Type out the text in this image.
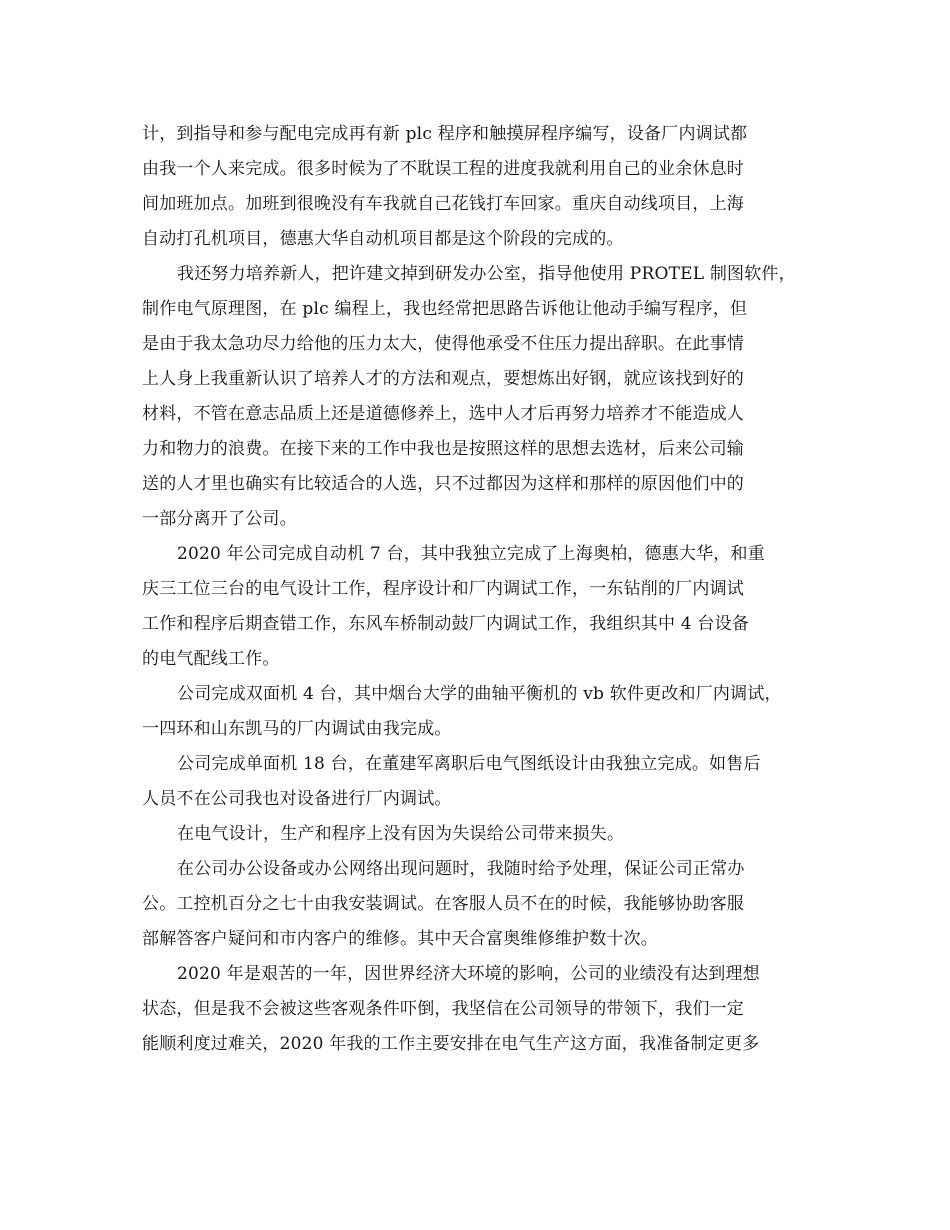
计，到指导和参与配电完成再有新 plc 程序和触摸屏程序编写，设备厂内调试都
由我一个人来完成。很多时候为了不耽误工程的进度我就利用自己的业余休息时
间加班加点。加班到很晚没有车我就自己花钱打车回家。重庆自动线项目，上海
自动打孔机项目，德惠大华自动机项目都是这个阶段的完成的。
我还努力培养新人，把许建文掉到研发办公室，指导他使用 PROTEL 制图软件，
制作电气原理图，在 plc 编程上，我也经常把思路告诉他让他动手编写程序，但
是由于我太急功尽力给他的压力太大，使得他承受不住压力提出辞职。在此事情
上人身上我重新认识了培养人才的方法和观点，要想炼出好钢，就应该找到好的
材料，不管在意志品质上还是道德修养上，选中人才后再努力培养才不能造成人
力和物力的浪费。在接下来的工作中我也是按照这样的思想去选材，后来公司输
送的人才里也确实有比较适合的人选，只不过都因为这样和那样的原因他们中的
一部分离开了公司。
2020 年公司完成自动机 7 台，其中我独立完成了上海奥柏，德惠大华，和重
庆三工位三台的电气设计工作，程序设计和厂内调试工作，一东钻削的厂内调试
工作和程序后期查错工作，东风车桥制动鼓厂内调试工作，我组织其中 4 台设备
的电气配线工作。
公司完成双面机 4 台，其中烟台大学的曲轴平衡机的 vb 软件更改和厂内调试，
一四环和山东凯马的厂内调试由我完成。
公司完成单面机 18 台，在董建军离职后电气图纸设计由我独立完成。如售后
人员不在公司我也对设备进行厂内调试。
在电气设计，生产和程序上没有因为失误给公司带来损失。
在公司办公设备或办公网络出现问题时，我随时给予处理，保证公司正常办
公。工控机百分之七十由我安装调试。在客服人员不在的时候，我能够协助客服
部解答客户疑问和市内客户的维修。其中天合富奥维修维护数十次。
2020 年是艰苦的一年，因世界经济大环境的影响，公司的业绩没有达到理想
状态，但是我不会被这些客观条件吓倒，我坚信在公司领导的带领下，我们一定
能顺利度过难关，2020 年我的工作主要安排在电气生产这方面，我准备制定更多
